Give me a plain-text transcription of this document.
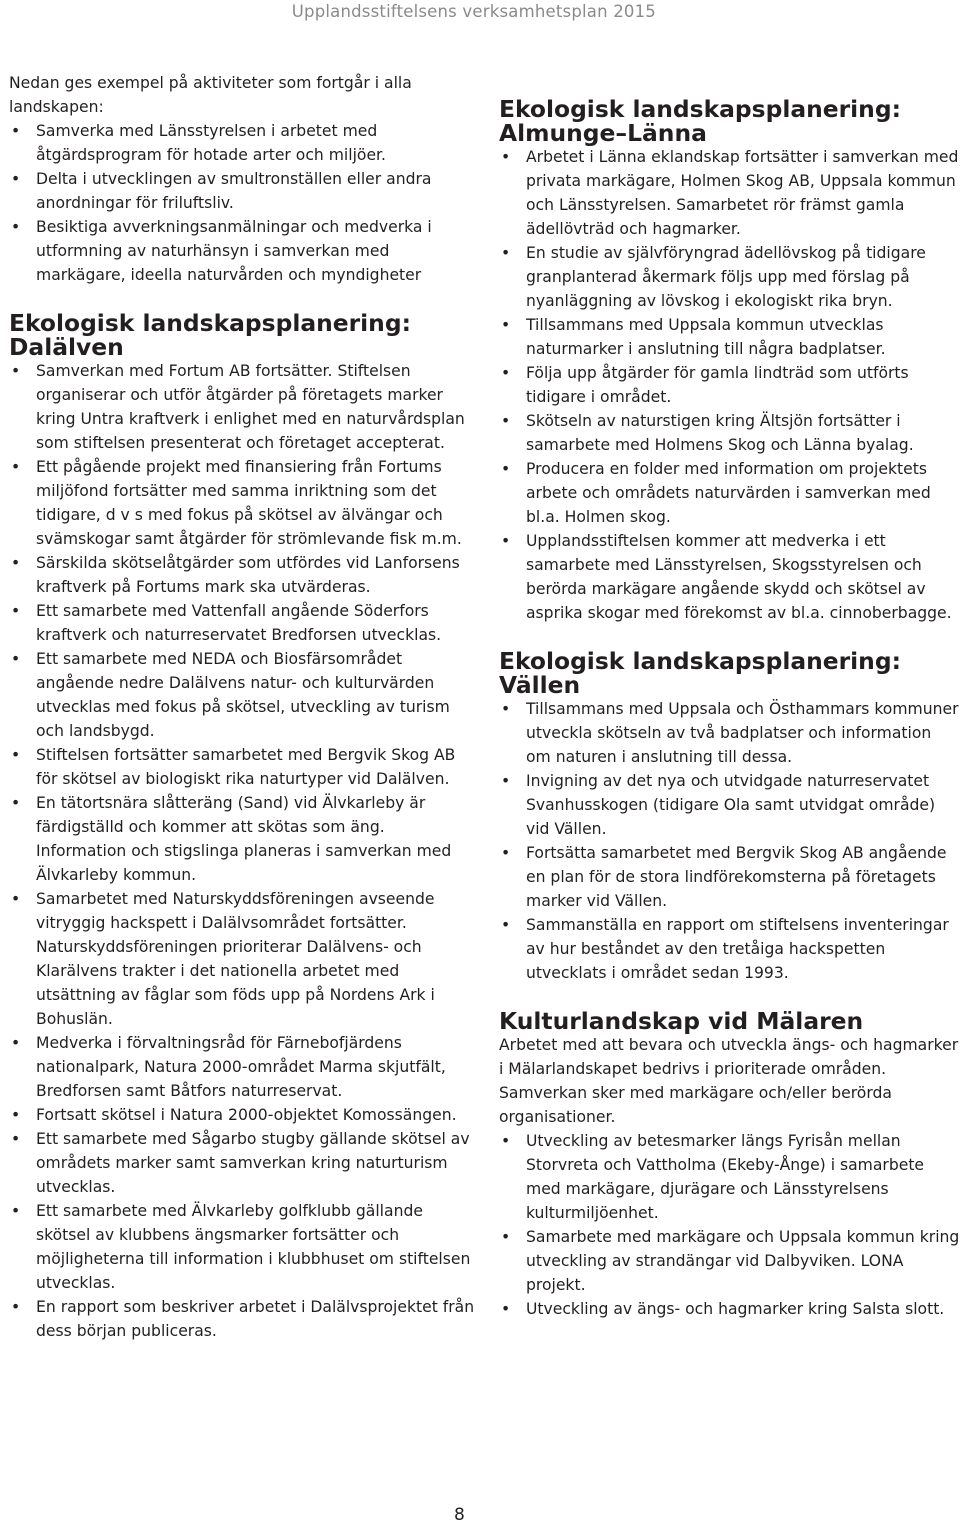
Upplandsstiftelsens verksamhetsplan 2015

Nedan ges exempel på aktiviteter som fortgår i alla landskapen:

• Samverka med Länsstyrelsen i arbetet med åtgärdsprogram för hotade arter och miljöer.
• Delta i utvecklingen av smultronställen eller andra anordningar för friluftsliv.
• Besiktiga avverkningsanmälningar och medverka i utformning av naturhänsyn i samverkan med markägare, ideella naturvården och myndigheter
Ekologisk landskapsplanering: Dalälven
• Samverkan med Fortum AB fortsätter. Stiftelsen organiserar och utför åtgärder på företagets marker kring Untra kraftverk i enlighet med en naturvårdsplan som stiftelsen presenterat och företaget accepterat.
• Ett pågående projekt med finansiering från Fortums miljöfond fortsätter med samma inriktning som det tidigare, d v s med fokus på skötsel av älvängar och svämskogar samt åtgärder för strömlevande fisk m.m.
• Särskilda skötselåtgärder som utfördes vid Lanforsens kraftverk på Fortums mark ska utvärderas.
• Ett samarbete med Vattenfall angående Söderfors kraftverk och naturreservatet Bredforsen utvecklas.
• Ett samarbete med NEDA och Biosfärsområdet angående nedre Dalälvens natur- och kulturvärden utvecklas med fokus på skötsel, utveckling av turism och landsbygd.
• Stiftelsen fortsätter samarbetet med Bergvik Skog AB för skötsel av biologiskt rika naturtyper vid Dalälven.
• En tätortsnära slåtteräng (Sand) vid Älvkarleby är färdigställd och kommer att skötas som äng. Information och stigslinga planeras i samverkan med Älvkarleby kommun.
• Samarbetet med Naturskyddsföreningen avseende vitryggig hackspett i Dalälvsområdet fortsätter. Naturskyddsföreningen prioriterar Dalälvens- och Klarälvens trakter i det nationella arbetet med utsättning av fåglar som föds upp på Nordens Ark i Bohuslän.
• Medverka i förvaltningsråd för Färnebofjärdens nationalpark, Natura 2000-området Marma skjutfält, Bredforsen samt Båtfors naturreservat.
• Fortsatt skötsel i Natura 2000-objektet Komossängen.
• Ett samarbete med Sågarbo stugby gällande skötsel av områdets marker samt samverkan kring naturturism utvecklas.
• Ett samarbete med Älvkarleby golfklubb gällande skötsel av klubbens ängsmarker fortsätter och möjligheterna till information i klubbhuset om stiftelsen utvecklas.
• En rapport som beskriver arbetet i Dalälvsprojektet från dess början publiceras.
Ekologisk landskapsplanering: Almunge–Länna
• Arbetet i Länna eklandskap fortsätter i samverkan med privata markägare, Holmen Skog AB, Uppsala kommun och Länsstyrelsen. Samarbetet rör främst gamla ädellövträd och hagmarker.
• En studie av självföryngrad ädellövskog på tidigare granplanterad åkermark följs upp med förslag på nyanläggning av lövskog i ekologiskt rika bryn.
• Tillsammans med Uppsala kommun utvecklas naturmarker i anslutning till några badplatser.
• Följa upp åtgärder för gamla lindträd som utförts tidigare i området.
• Skötseln av naturstigen kring Ältsjön fortsätter i samarbete med Holmens Skog och Länna byalag.
• Producera en folder med information om projektets arbete och områdets naturvärden i samverkan med bl.a. Holmen skog.
• Upplandsstiftelsen kommer att medverka i ett samarbete med Länsstyrelsen, Skogsstyrelsen och berörda markägare angående skydd och skötsel av asprika skogar med förekomst av bl.a. cinnoberbagge.
Ekologisk landskapsplanering: Vällen
• Tillsammans med Uppsala och Östhammars kommuner utveckla skötseln av två badplatser och information om naturen i anslutning till dessa.
• Invigning av det nya och utvidgade naturreservatet Svanhusskogen (tidigare Ola samt utvidgat område) vid Vällen.
• Fortsätta samarbetet med Bergvik Skog AB angående en plan för de stora lindförekomsterna på företagets marker vid Vällen.
• Sammanställa en rapport om stiftelsens inventeringar av hur beståndet av den tretåiga hackspetten utvecklats i området sedan 1993.
Kulturlandskap vid Mälaren

Arbetet med att bevara och utveckla ängs- och hagmarker i Mälarlandskapet bedrivs i prioriterade områden. Samverkan sker med markägare och/eller berörda organisationer.

• Utveckling av betesmarker längs Fyrisån mellan Storvreta och Vattholma (Ekeby-Ånge) i samarbete med markägare, djurägare och Länsstyrelsens kulturmiljöenhet.
• Samarbete med markägare och Uppsala kommun kring utveckling av strandängar vid Dalbyviken. LONA projekt.
• Utveckling av ängs- och hagmarker kring Salsta slott.
8
